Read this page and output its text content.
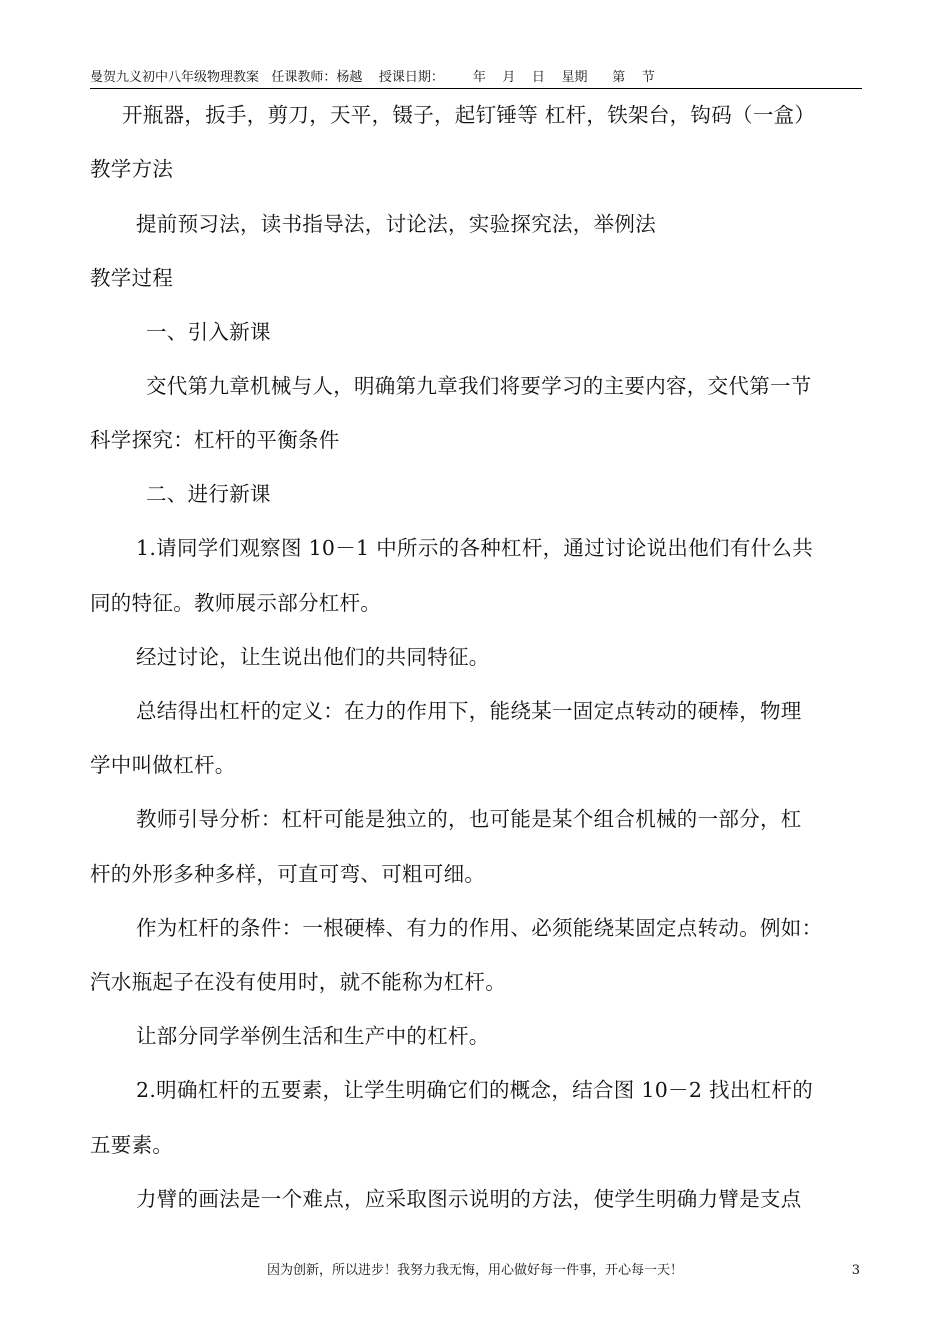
曼贺九义初中八年级物理教案   任课教师：杨越    授课日期：       年    月    日    星期      第    节
开瓶器，扳手，剪刀，天平，镊子，起钉锤等 杠杆，铁架台，钩码（一盒）
教学方法
提前预习法，读书指导法，讨论法，实验探究法，举例法
教学过程
一、引入新课
交代第九章机械与人，明确第九章我们将要学习的主要内容，交代第一节
科学探究：杠杆的平衡条件
二、进行新课
1.请同学们观察图 10－1 中所示的各种杠杆，通过讨论说出他们有什么共
同的特征。教师展示部分杠杆。
经过讨论，让生说出他们的共同特征。
总结得出杠杆的定义：在力的作用下，能绕某一固定点转动的硬棒，物理
学中叫做杠杆。
教师引导分析：杠杆可能是独立的，也可能是某个组合机械的一部分，杠
杆的外形多种多样，可直可弯、可粗可细。
作为杠杆的条件：一根硬棒、有力的作用、必须能绕某固定点转动。例如：
汽水瓶起子在没有使用时，就不能称为杠杆。
让部分同学举例生活和生产中的杠杆。
2.明确杠杆的五要素，让学生明确它们的概念，结合图 10－2 找出杠杆的
五要素。
力臂的画法是一个难点，应采取图示说明的方法，使学生明确力臂是支点
因为创新，所以进步！我努力我无悔，用心做好每一件事，开心每一天！	3
